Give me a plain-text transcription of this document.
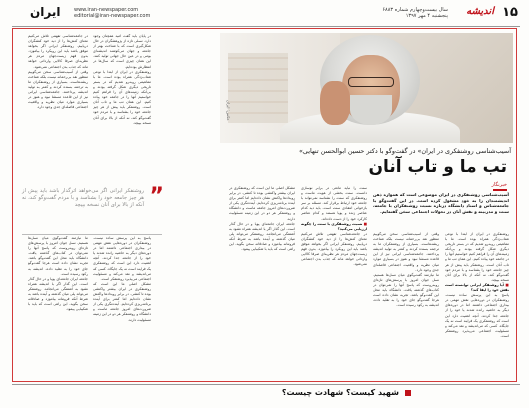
۱۵
اندیشه
سال بیست‌وچهارم شماره ۶۸۸۳
پنجشنبه ۴ مهر ۱۳۹۷
ایران	www.iran-newspaper.com
editorial@iran-newspaper.com
عکس: ایران
«آسیب‌شناسی روشنفکری در ایران» در گفت‌وگو با دکتر حسین ابوالحسن تنهایی
تب ما و تاب آنان
خبرنگار

آسیب‌شناسی روشنفکری در ایران موضوعی است که همواره ذهن اندیشمندان را به خود مشغول کرده است. در این گفت‌وگو با جامعه‌شناس و استاد دانشگاه درباره نسبت روشنفکران با جامعه، سنت و مدرنیته و نقش آنان در تحولات اجتماعی سخن گفته‌ایم.

روشنفکری در ایران از ابتدا با نوعی شتاب‌زدگی همراه بوده است. ما با مفاهیمی روبه‌رو شدیم که در بستر تاریخی دیگری شکل گرفته بودند و بی‌آنکه زمینه‌های آن را فراهم کنیم خواستیم آنها را در جامعه خود پیاده کنیم. این همان تب ما و تاب آنان است. روشنفکر باید پیش از هر چیز جامعه خود را بشناسد و با مردم خود گفت‌وگو کند، نه آنکه از بالا برای آنان نسخه بپیچد.

■ آیا روشنفکر ایرانی توانسته است نقش خود را ایفا کند؟

پاسخ به این پرسش ساده نیست. روشنفکران در دوره‌هایی نقش مهمی در بیداری اجتماعی داشتند اما در دوره‌های دیگر به حاشیه رانده شدند یا خود را از جامعه جدا کردند. آنچه اهمیت دارد این است که روشنفکری یک فرایند است نه یک جایگاه. کسی که می‌اندیشد و نقد می‌کند و مسئولیت اجتماعی می‌پذیرد روشنفکر است.

وقتی از آسیب‌شناسی سخن می‌گوییم منظور نقد بی‌رحمانه نیست بلکه شناخت ریشه‌هاست. بسیاری از روشنفکران ما به ترجمه بسنده کردند و کمتر به تولید اندیشه پرداختند. جامعه‌شناسی ایرانی نیز از این قاعده مستثنا نبود و هنوز در بسیاری موارد میان نظریه و واقعیت اجتماعی فاصله‌ای جدی وجود دارد.

ما نیازمند گفت‌وگوی میان نسل‌ها هستیم. نسل جوان امروز با پرسش‌های تازه‌ای روبه‌روست که پاسخ آنها را نمی‌توان در کتاب‌های گذشته یافت. دانشگاه باید محل این گفت‌وگو باشد. تجربه نشان داده است هرجا گفت‌وگو جای خود را به تقلید داده، اندیشه به رکود رسیده است.

سنت را نباید مانعی در برابر نوسازی دانست. سنت بخشی از هویت ماست و روشنفکری که سنت را نشناسد نمی‌تواند با جامعه خود ارتباط برقرار کند. مسئله بر سر بازخوانی انتقادی سنت است. باید دید کدام عناصر زنده و پویا هستند و کدام عناصر کارکرد خود را از دست داده‌اند.

■ نسبت روشنفکری با سنت را چگونه ارزیابی می‌کنید؟

در جامعه‌شناسی تفهمی تلاش می‌کنیم معنای کنش‌ها را از دید خود کنشگران دریابیم. روشنفکر ایرانی اگر بخواهد موفق باشد باید این رویکرد را بیاموزد. بدون فهم زیست‌جهان مردم هر نظریه‌ای صرفا کالایی وارداتی خواهد ماند که جذب بدن اجتماعی نمی‌شود.

مشکل اصلی ما این است که روشنفکری در ایران بیشتر واکنشی بوده تا کنشی. در برابر رویدادها واکنش نشان داده‌ایم اما کمتر برای آینده برنامه‌ریزی کرده‌ایم. آینده‌نگری یکی از ضرورت‌های امروز جامعه ماست و دانشگاه و روشنفکر هر دو در این زمینه مسئولیت دارند.

جامعه ایران جامعه‌ای پویا و در حال گذار است. این گذار اگر با اندیشه همراه نشود به آشفتگی می‌انجامد. روشنفکر می‌تواند پلی میان گذشته و آینده باشد به شرط آنکه فروتنانه بیاموزد و صادقانه سخن بگوید. این راهی است که باید با شکیبایی پیمود.

در پایان باید گفت امید همچنان وجود دارد. نسلی تازه از پژوهشگران در حال شکل‌گیری است که با شناخت بهتر از جامعه و جهان می‌کوشند اندیشه‌ای بومی و در عین حال جهانی تولید کنند. این همان چیزی است که سال‌ها در انتظارش بوده‌ایم.

روشنفکری در ایران از ابتدا با نوعی شتاب‌زدگی همراه بوده است. ما با مفاهیمی روبه‌رو شدیم که در بستر تاریخی دیگری شکل گرفته بودند و بی‌آنکه زمینه‌های آن را فراهم کنیم خواستیم آنها را در جامعه خود پیاده کنیم. این همان تب ما و تاب آنان است. روشنفکر باید پیش از هر چیز جامعه خود را بشناسد و با مردم خود گفت‌وگو کند، نه آنکه از بالا برای آنان نسخه بپیچد.

در جامعه‌شناسی تفهمی تلاش می‌کنیم معنای کنش‌ها را از دید خود کنشگران دریابیم. روشنفکر ایرانی اگر بخواهد موفق باشد باید این رویکرد را بیاموزد. بدون فهم زیست‌جهان مردم هر نظریه‌ای صرفا کالایی وارداتی خواهد ماند که جذب بدن اجتماعی نمی‌شود.

وقتی از آسیب‌شناسی سخن می‌گوییم منظور نقد بی‌رحمانه نیست بلکه شناخت ریشه‌هاست. بسیاری از روشنفکران ما به ترجمه بسنده کردند و کمتر به تولید اندیشه پرداختند. جامعه‌شناسی ایرانی نیز از این قاعده مستثنا نبود و هنوز در بسیاری موارد میان نظریه و واقعیت اجتماعی فاصله‌ای جدی وجود دارد.

”
روشنفکر ایرانی اگر می‌خواهد اثرگذار باشد باید پیش از هر چیز جامعه خود را بشناسد و با مردم گفت‌وگو کند، نه آنکه از بالا برای آنان نسخه بپیچد

پاسخ به این پرسش ساده نیست. روشنفکران در دوره‌هایی نقش مهمی در بیداری اجتماعی داشتند اما در دوره‌های دیگر به حاشیه رانده شدند یا خود را از جامعه جدا کردند. آنچه اهمیت دارد این است که روشنفکری یک فرایند است نه یک جایگاه. کسی که می‌اندیشد و نقد می‌کند و مسئولیت اجتماعی می‌پذیرد روشنفکر است.

مشکل اصلی ما این است که روشنفکری در ایران بیشتر واکنشی بوده تا کنشی. در برابر رویدادها واکنش نشان داده‌ایم اما کمتر برای آینده برنامه‌ریزی کرده‌ایم. آینده‌نگری یکی از ضرورت‌های امروز جامعه ماست و دانشگاه و روشنفکر هر دو در این زمینه مسئولیت دارند.

ما نیازمند گفت‌وگوی میان نسل‌ها هستیم. نسل جوان امروز با پرسش‌های تازه‌ای روبه‌روست که پاسخ آنها را نمی‌توان در کتاب‌های گذشته یافت. دانشگاه باید محل این گفت‌وگو باشد. تجربه نشان داده است هرجا گفت‌وگو جای خود را به تقلید داده، اندیشه به رکود رسیده است.

جامعه ایران جامعه‌ای پویا و در حال گذار است. این گذار اگر با اندیشه همراه نشود به آشفتگی می‌انجامد. روشنفکر می‌تواند پلی میان گذشته و آینده باشد به شرط آنکه فروتنانه بیاموزد و صادقانه سخن بگوید. این راهی است که باید با شکیبایی پیمود.

شهید کیست؟ شهادت چیست؟
